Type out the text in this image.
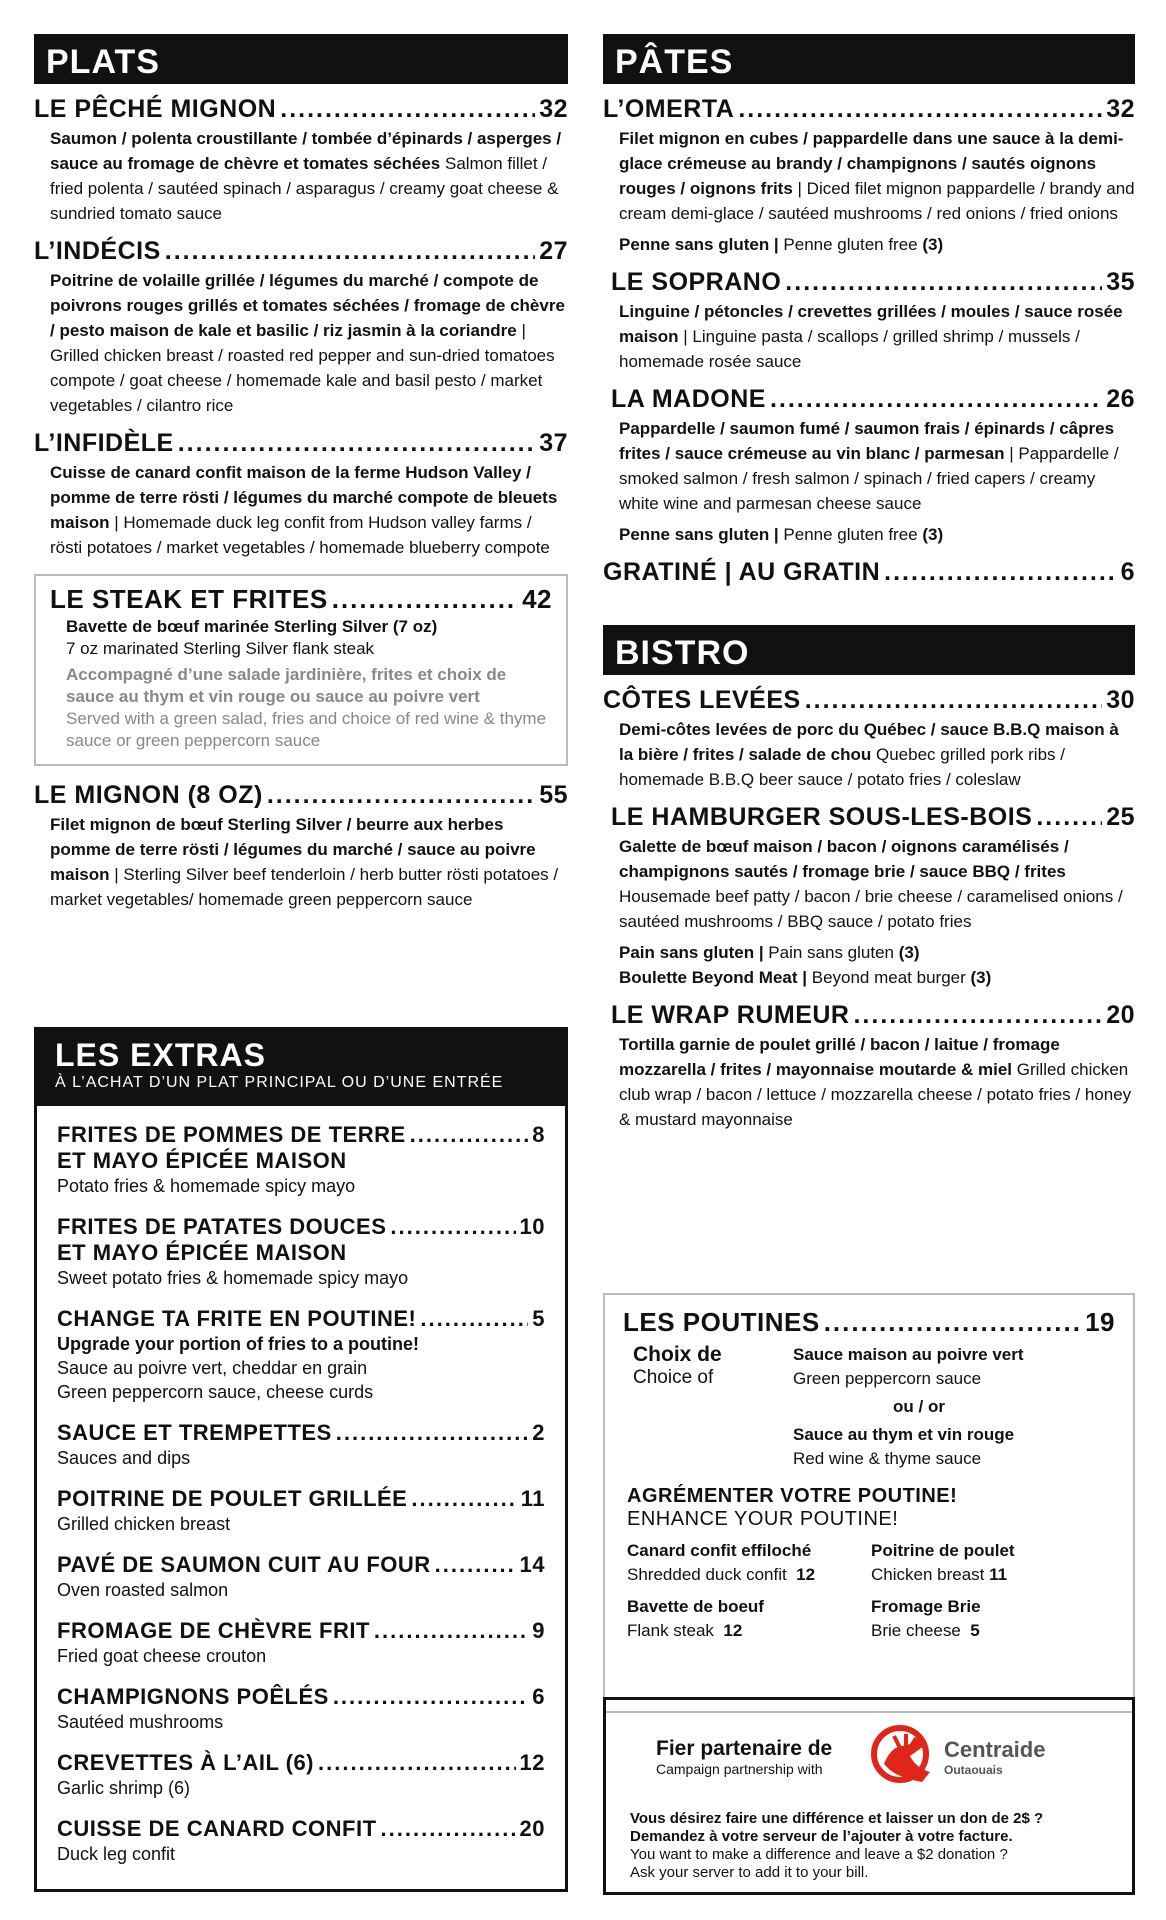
PLATS
LE PÊCHÉ MIGNON .....	32
Saumon / polenta croustillante / tombée d’épinards / asperges / sauce au fromage de chèvre et tomates séchées Salmon fillet / fried polenta / sautéed spinach / asparagus / creamy goat cheese & sundried tomato sauce
L’INDÉCIS .....	27
Poitrine de volaille grillée / légumes du marché / compote de poivrons rouges grillés et tomates séchées / fromage de chèvre / pesto maison de kale et basilic / riz jasmin à la coriandre | Grilled chicken breast / roasted red pepper and sun-dried tomatoes compote / goat cheese / homemade kale and basil pesto / market vegetables / cilantro rice
L’INFIDÈLE .....	37
Cuisse de canard confit maison de la ferme Hudson Valley / pomme de terre rösti / légumes du marché compote de bleuets maison | Homemade duck leg confit from Hudson valley farms / rösti potatoes / market vegetables / homemade blueberry compote
LE STEAK ET FRITES .....	42
Bavette de bœuf marinée Sterling Silver (7 oz)
7 oz marinated Sterling Silver flank steak
Accompagné d’une salade jardinière, frites et choix de sauce au thym et vin rouge ou sauce au poivre vert
Served with a green salad, fries and choice of red wine & thyme sauce or green peppercorn sauce
LE MIGNON (8 OZ) .....	55
Filet mignon de bœuf Sterling Silver / beurre aux herbes pomme de terre rösti / légumes du marché / sauce au poivre maison | Sterling Silver beef tenderloin / herb butter rösti potatoes / market vegetables/ homemade green peppercorn sauce
LES EXTRAS
À L’ACHAT D’UN PLAT PRINCIPAL OU D’UNE ENTRÉE
FRITES DE POMMES DE TERRE .....	8
ET MAYO ÉPICÉE MAISON
Potato fries & homemade spicy mayo
FRITES DE PATATES DOUCES .....	10
ET MAYO ÉPICÉE MAISON
Sweet potato fries & homemade spicy mayo
CHANGE TA FRITE EN POUTINE! .....	5
Upgrade your portion of fries to a poutine!
Sauce au poivre vert, cheddar en grain
Green peppercorn sauce, cheese curds
SAUCE ET TREMPETTES .....	2
Sauces and dips
POITRINE DE POULET GRILLÉE .....	11
Grilled chicken breast
PAVÉ DE SAUMON CUIT AU FOUR .....	14
Oven roasted salmon
FROMAGE DE CHÈVRE FRIT .....	9
Fried goat cheese crouton
CHAMPIGNONS POÊLÉS .....	6
Sautéed mushrooms
CREVETTES À L’AIL (6) .....	12
Garlic shrimp (6)
CUISSE DE CANARD CONFIT .....	20
Duck leg confit
PÂTES
L’OMERTA .....	32
Filet mignon en cubes / pappardelle dans une sauce à la demi-glace crémeuse au brandy / champignons / sautés oignons rouges / oignons frits | Diced filet mignon pappardelle / brandy and cream demi-glace / sautéed mushrooms / red onions / fried onions
Penne sans gluten | Penne gluten free (3)
LE SOPRANO .....	35
Linguine / pétoncles / crevettes grillées / moules / sauce rosée maison | Linguine pasta / scallops / grilled shrimp / mussels / homemade rosée sauce
LA MADONE .....	26
Pappardelle / saumon fumé / saumon frais / épinards / câpres frites / sauce crémeuse au vin blanc / parmesan | Pappardelle / smoked salmon / fresh salmon / spinach / fried capers / creamy white wine and parmesan cheese sauce
Penne sans gluten | Penne gluten free (3)
GRATINÉ | AU GRATIN .....	6
BISTRO
CÔTES LEVÉES .....	30
Demi-côtes levées de porc du Québec / sauce B.B.Q maison à la bière / frites / salade de chou Quebec grilled pork ribs / homemade B.B.Q beer sauce / potato fries / coleslaw
LE HAMBURGER SOUS-LES-BOIS .....	25
Galette de bœuf maison / bacon / oignons caramélisés / champignons sautés / fromage brie / sauce BBQ / frites Housemade beef patty / bacon / brie cheese / caramelised onions / sautéed mushrooms / BBQ sauce / potato fries
Pain sans gluten | Pain sans gluten (3)
Boulette Beyond Meat | Beyond meat burger (3)
LE WRAP RUMEUR .....	20
Tortilla garnie de poulet grillé / bacon / laitue / fromage mozzarella / frites / mayonnaise moutarde & miel Grilled chicken club wrap / bacon / lettuce / mozzarella cheese / potato fries / honey & mustard mayonnaise
LES POUTINES .....	19
Choix de
Choice of
Sauce maison au poivre vert
Green peppercorn sauce
ou / or
Sauce au thym et vin rouge
Red wine & thyme sauce
AGRÉMENTER VOTRE POUTINE!
ENHANCE YOUR POUTINE!
Canard confit effiloché
Shredded duck confit 12
Poitrine de poulet
Chicken breast 11
Bavette de boeuf
Flank steak 12
Fromage Brie
Brie cheese 5
Fier partenaire de
Campaign partnership with
Centraide
Outaouais
Vous désirez faire une différence et laisser un don de 2$ ?
Demandez à votre serveur de l’ajouter à votre facture.
You want to make a difference and leave a $2 donation ?
Ask your server to add it to your bill.
